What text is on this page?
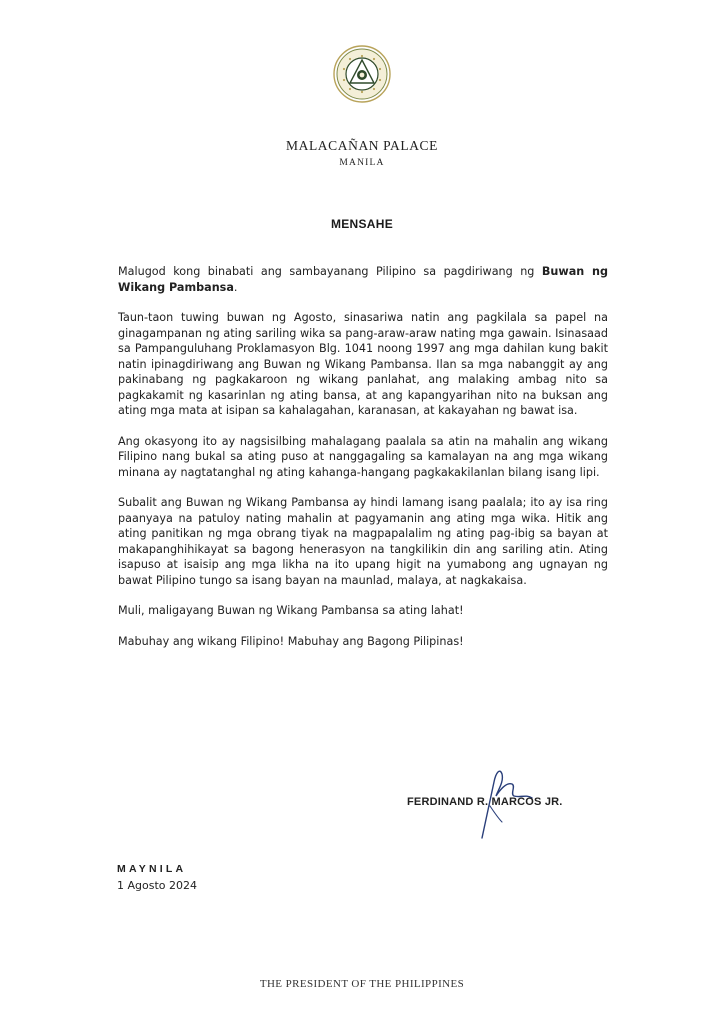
MALACAÑAN PALACE
MANILA
MENSAHE

Malugod kong binabati ang sambayanang Pilipino sa pagdiriwang ng Buwan ng Wikang Pambansa.

Taun-taon tuwing buwan ng Agosto, sinasariwa natin ang pagkilala sa papel na ginagampanan ng ating sariling wika sa pang-araw-araw nating mga gawain. Isinasaad sa Pampanguluhang Proklamasyon Blg. 1041 noong 1997 ang mga dahilan kung bakit natin ipinagdiriwang ang Buwan ng Wikang Pambansa. Ilan sa mga nabanggit ay ang pakinabang ng pagkakaroon ng wikang panlahat, ang malaking ambag nito sa pagkakamit ng kasarinlan ng ating bansa, at ang kapangyarihan nito na buksan ang ating mga mata at isipan sa kahalagahan, karanasan, at kakayahan ng bawat isa.

Ang okasyong ito ay nagsisilbing mahalagang paalala sa atin na mahalin ang wikang Filipino nang bukal sa ating puso at nanggagaling sa kamalayan na ang mga wikang minana ay nagtatanghal ng ating kahanga-hangang pagkakakilanlan bilang isang lipi.

Subalit ang Buwan ng Wikang Pambansa ay hindi lamang isang paalala; ito ay isa ring paanyaya na patuloy nating mahalin at pagyamanin ang ating mga wika. Hitik ang ating panitikan ng mga obrang tiyak na magpapalalim ng ating pag-ibig sa bayan at makapanghihikayat sa bagong henerasyon na tangkilikin din ang sariling atin. Ating isapuso at isaisip ang mga likha na ito upang higit na yumabong ang ugnayan ng bawat Pilipino tungo sa isang bayan na maunlad, malaya, at nagkakaisa.

Muli, maligayang Buwan ng Wikang Pambansa sa ating lahat!

Mabuhay ang wikang Filipino! Mabuhay ang Bagong Pilipinas!

FERDINAND R. MARCOS JR.
MAYNILA
1 Agosto 2024
THE PRESIDENT OF THE PHILIPPINES
